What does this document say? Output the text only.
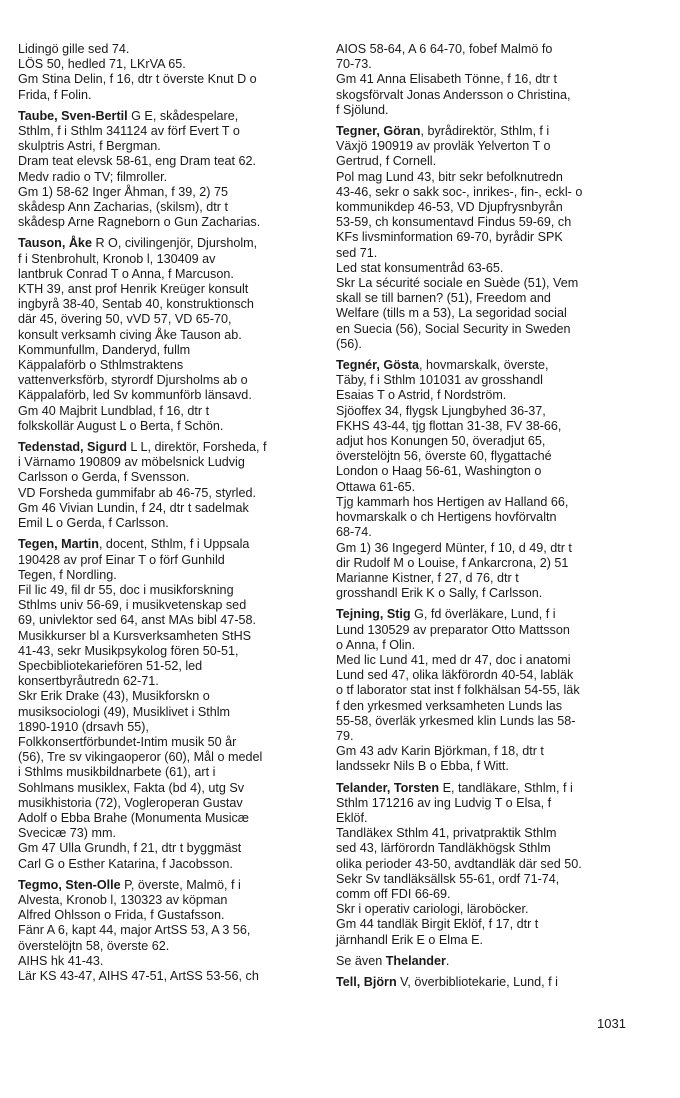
Lidingö gille sed 74.
LÖS 50, hedled 71, LKrVA 65.
Gm Stina Delin, f 16, dtr t överste Knut D o
Frida, f Folin.
Taube, Sven-Bertil G E, skådespelare,
Sthlm, f i Sthlm 341124 av förf Evert T o
skulptris Astri, f Bergman.
Dram teat elevsk 58-61, eng Dram teat 62.
Medv radio o TV; filmroller.
Gm 1) 58-62 Inger Åhman, f 39, 2) 75
skådesp Ann Zacharias, (skilsm), dtr t
skådesp Arne Ragneborn o Gun Zacharias.
Tauson, Åke R O, civilingenjör, Djursholm,
f i Stenbrohult, Kronob l, 130409 av
lantbruk Conrad T o Anna, f Marcuson.
KTH 39, anst prof Henrik Kreüger konsult
ingbyrå 38-40, Sentab 40, konstruktionsch
där 45, övering 50, vVD 57, VD 65-70,
konsult verksamh civing Åke Tauson ab.
Kommunfullm, Danderyd, fullm
Käppalaförb o Sthlmstraktens
vattenverksförb, styrordf Djursholms ab o
Käppalaförb, led Sv kommunförb länsavd.
Gm 40 Majbrit Lundblad, f 16, dtr t
folkskollär August L o Berta, f Schön.
Tedenstad, Sigurd L L, direktör, Forsheda, f
i Värnamo 190809 av möbelsnick Ludvig
Carlsson o Gerda, f Svensson.
VD Forsheda gummifabr ab 46-75, styrled.
Gm 46 Vivian Lundin, f 24, dtr t sadelmak
Emil L o Gerda, f Carlsson.
Tegen, Martin, docent, Sthlm, f i Uppsala
190428 av prof Einar T o förf Gunhild
Tegen, f Nordling.
Fil lic 49, fil dr 55, doc i musikforskning
Sthlms univ 56-69, i musikvetenskap sed
69, univlektor sed 64, anst MAs bibl 47-58.
Musikkurser bl a Kursverksamheten StHS
41-43, sekr Musikpsykolog fören 50-51,
Specbibliotekariefören 51-52, led
konsertbyråutredn 62-71.
Skr Erik Drake (43), Musikforskn o
musiksociologi (49), Musiklivet i Sthlm
1890-1910 (drsavh 55),
Folkkonsertförbundet-Intim musik 50 år
(56), Tre sv vikingaoperor (60), Mål o medel
i Sthlms musikbildnarbete (61), art i
Sohlmans musiklex, Fakta (bd 4), utg Sv
musikhistoria (72), Vogleroperan Gustav
Adolf o Ebba Brahe (Monumenta Musicæ
Svecicæ 73) mm.
Gm 47 Ulla Grundh, f 21, dtr t byggmäst
Carl G o Esther Katarina, f Jacobsson.
Tegmo, Sten-Olle P, överste, Malmö, f i
Alvesta, Kronob l, 130323 av köpman
Alfred Ohlsson o Frida, f Gustafsson.
Fänr A 6, kapt 44, major ArtSS 53, A 3 56,
överstelöjtn 58, överste 62.
AIHS hk 41-43.
Lär KS 43-47, AIHS 47-51, ArtSS 53-56, ch
AIOS 58-64, A 6 64-70, fobef Malmö fo
70-73.
Gm 41 Anna Elisabeth Tönne, f 16, dtr t
skogsförvalt Jonas Andersson o Christina,
f Sjölund.
Tegner, Göran, byrådirektör, Sthlm, f i
Växjö 190919 av provläk Yelverton T o
Gertrud, f Cornell.
Pol mag Lund 43, bitr sekr befolknutredn
43-46, sekr o sakk soc-, inrikes-, fin-, eckl- o
kommunikdep 46-53, VD Djupfrysnbyrån
53-59, ch konsumentavd Findus 59-69, ch
KFs livsminformation 69-70, byrådir SPK
sed 71.
Led stat konsumentråd 63-65.
Skr La sécurité sociale en Suède (51), Vem
skall se till barnen? (51), Freedom and
Welfare (tills m a 53), La segoridad social
en Suecia (56), Social Security in Sweden
(56).
Tegnér, Gösta, hovmarskalk, överste,
Täby, f i Sthlm 101031 av grosshandl
Esaias T o Astrid, f Nordström.
Sjöoffex 34, flygsk Ljungbyhed 36-37,
FKHS 43-44, tjg flottan 31-38, FV 38-66,
adjut hos Konungen 50, överadjut 65,
överstelöjtn 56, överste 60, flygattaché
London o Haag 56-61, Washington o
Ottawa 61-65.
Tjg kammarh hos Hertigen av Halland 66,
hovmarskalk o ch Hertigens hovförvaltn
68-74.
Gm 1) 36 Ingegerd Münter, f 10, d 49, dtr t
dir Rudolf M o Louise, f Ankarcrona, 2) 51
Marianne Kistner, f 27, d 76, dtr t
grosshandl Erik K o Sally, f Carlsson.
Tejning, Stig G, fd överläkare, Lund, f i
Lund 130529 av preparator Otto Mattsson
o Anna, f Olin.
Med lic Lund 41, med dr 47, doc i anatomi
Lund sed 47, olika läkförordn 40-54, labläk
o tf laborator stat inst f folkhälsan 54-55, läk
f den yrkesmed verksamheten Lunds las
55-58, överläk yrkesmed klin Lunds las 58-
79.
Gm 43 adv Karin Björkman, f 18, dtr t
landssekr Nils B o Ebba, f Witt.
Telander, Torsten E, tandläkare, Sthlm, f i
Sthlm 171216 av ing Ludvig T o Elsa, f
Eklöf.
Tandläkex Sthlm 41, privatpraktik Sthlm
sed 43, lärförordn Tandläkhögsk Sthlm
olika perioder 43-50, avdtandläk där sed 50.
Sekr Sv tandläksällsk 55-61, ordf 71-74,
comm off FDI 66-69.
Skr i operativ cariologi, läroböcker.
Gm 44 tandläk Birgit Eklöf, f 17, dtr t
järnhandl Erik E o Elma E.
Se även Thelander.
Tell, Björn V, överbibliotekarie, Lund, f i
1031
